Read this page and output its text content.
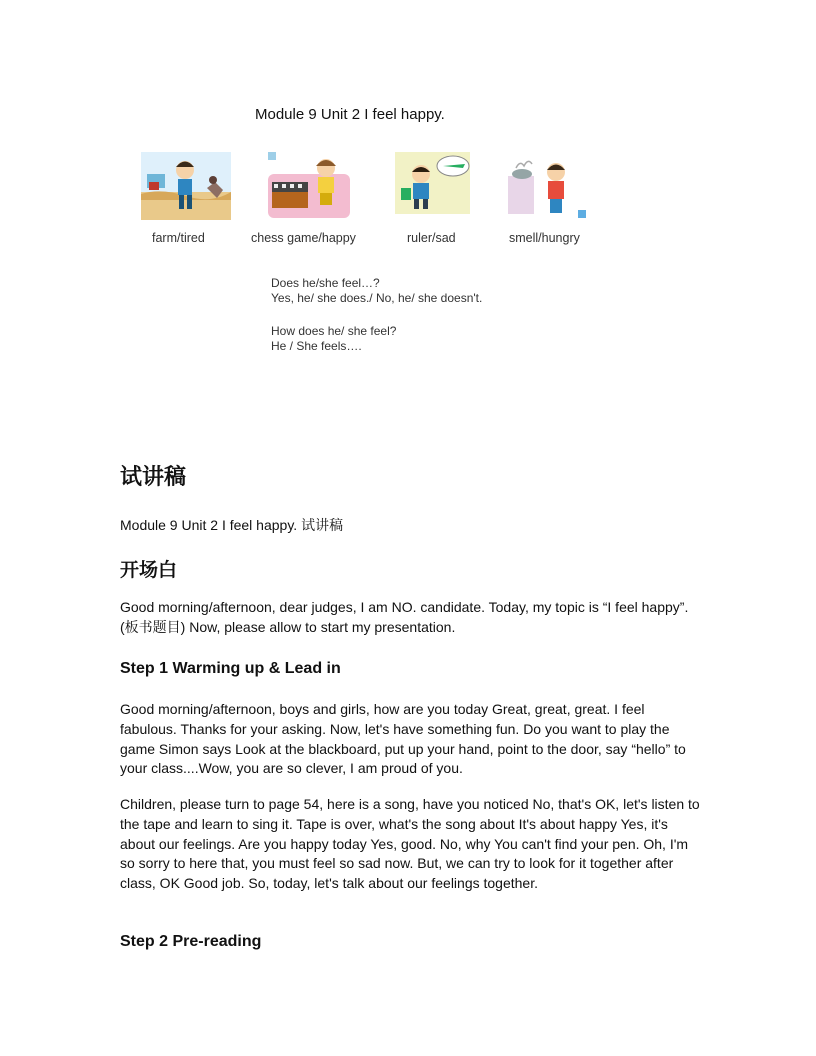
Module 9 Unit 2 I feel happy.
farm/tired	chess game/happy	ruler/sad	smell/hungry
Does he/she feel…?
Yes, he/ she does./ No, he/ she doesn't.
How does he/ she feel?
He / She feels….
试讲稿
Module 9 Unit 2 I feel happy. 试讲稿
开场白
Good morning/afternoon, dear judges, I am NO. candidate. Today, my topic is “I feel happy”. (板书题目) Now, please allow to start my presentation.
Step 1 Warming up & Lead in
Good morning/afternoon, boys and girls, how are you today Great, great, great. I feel fabulous. Thanks for your asking. Now, let's have something fun. Do you want to play the game Simon says Look at the blackboard, put up your hand, point to the door, say “hello” to your class....Wow, you are so clever, I am proud of you.
Children, please turn to page 54, here is a song, have you noticed No, that's OK, let's listen to the tape and learn to sing it. Tape is over, what's the song about It's about happy Yes, it's about our feelings. Are you happy today Yes, good. No, why You can't find your pen. Oh, I'm so sorry to here that, you must feel so sad now. But, we can try to look for it together after class, OK Good job. So, today, let's talk about our feelings together.
Step 2 Pre-reading
